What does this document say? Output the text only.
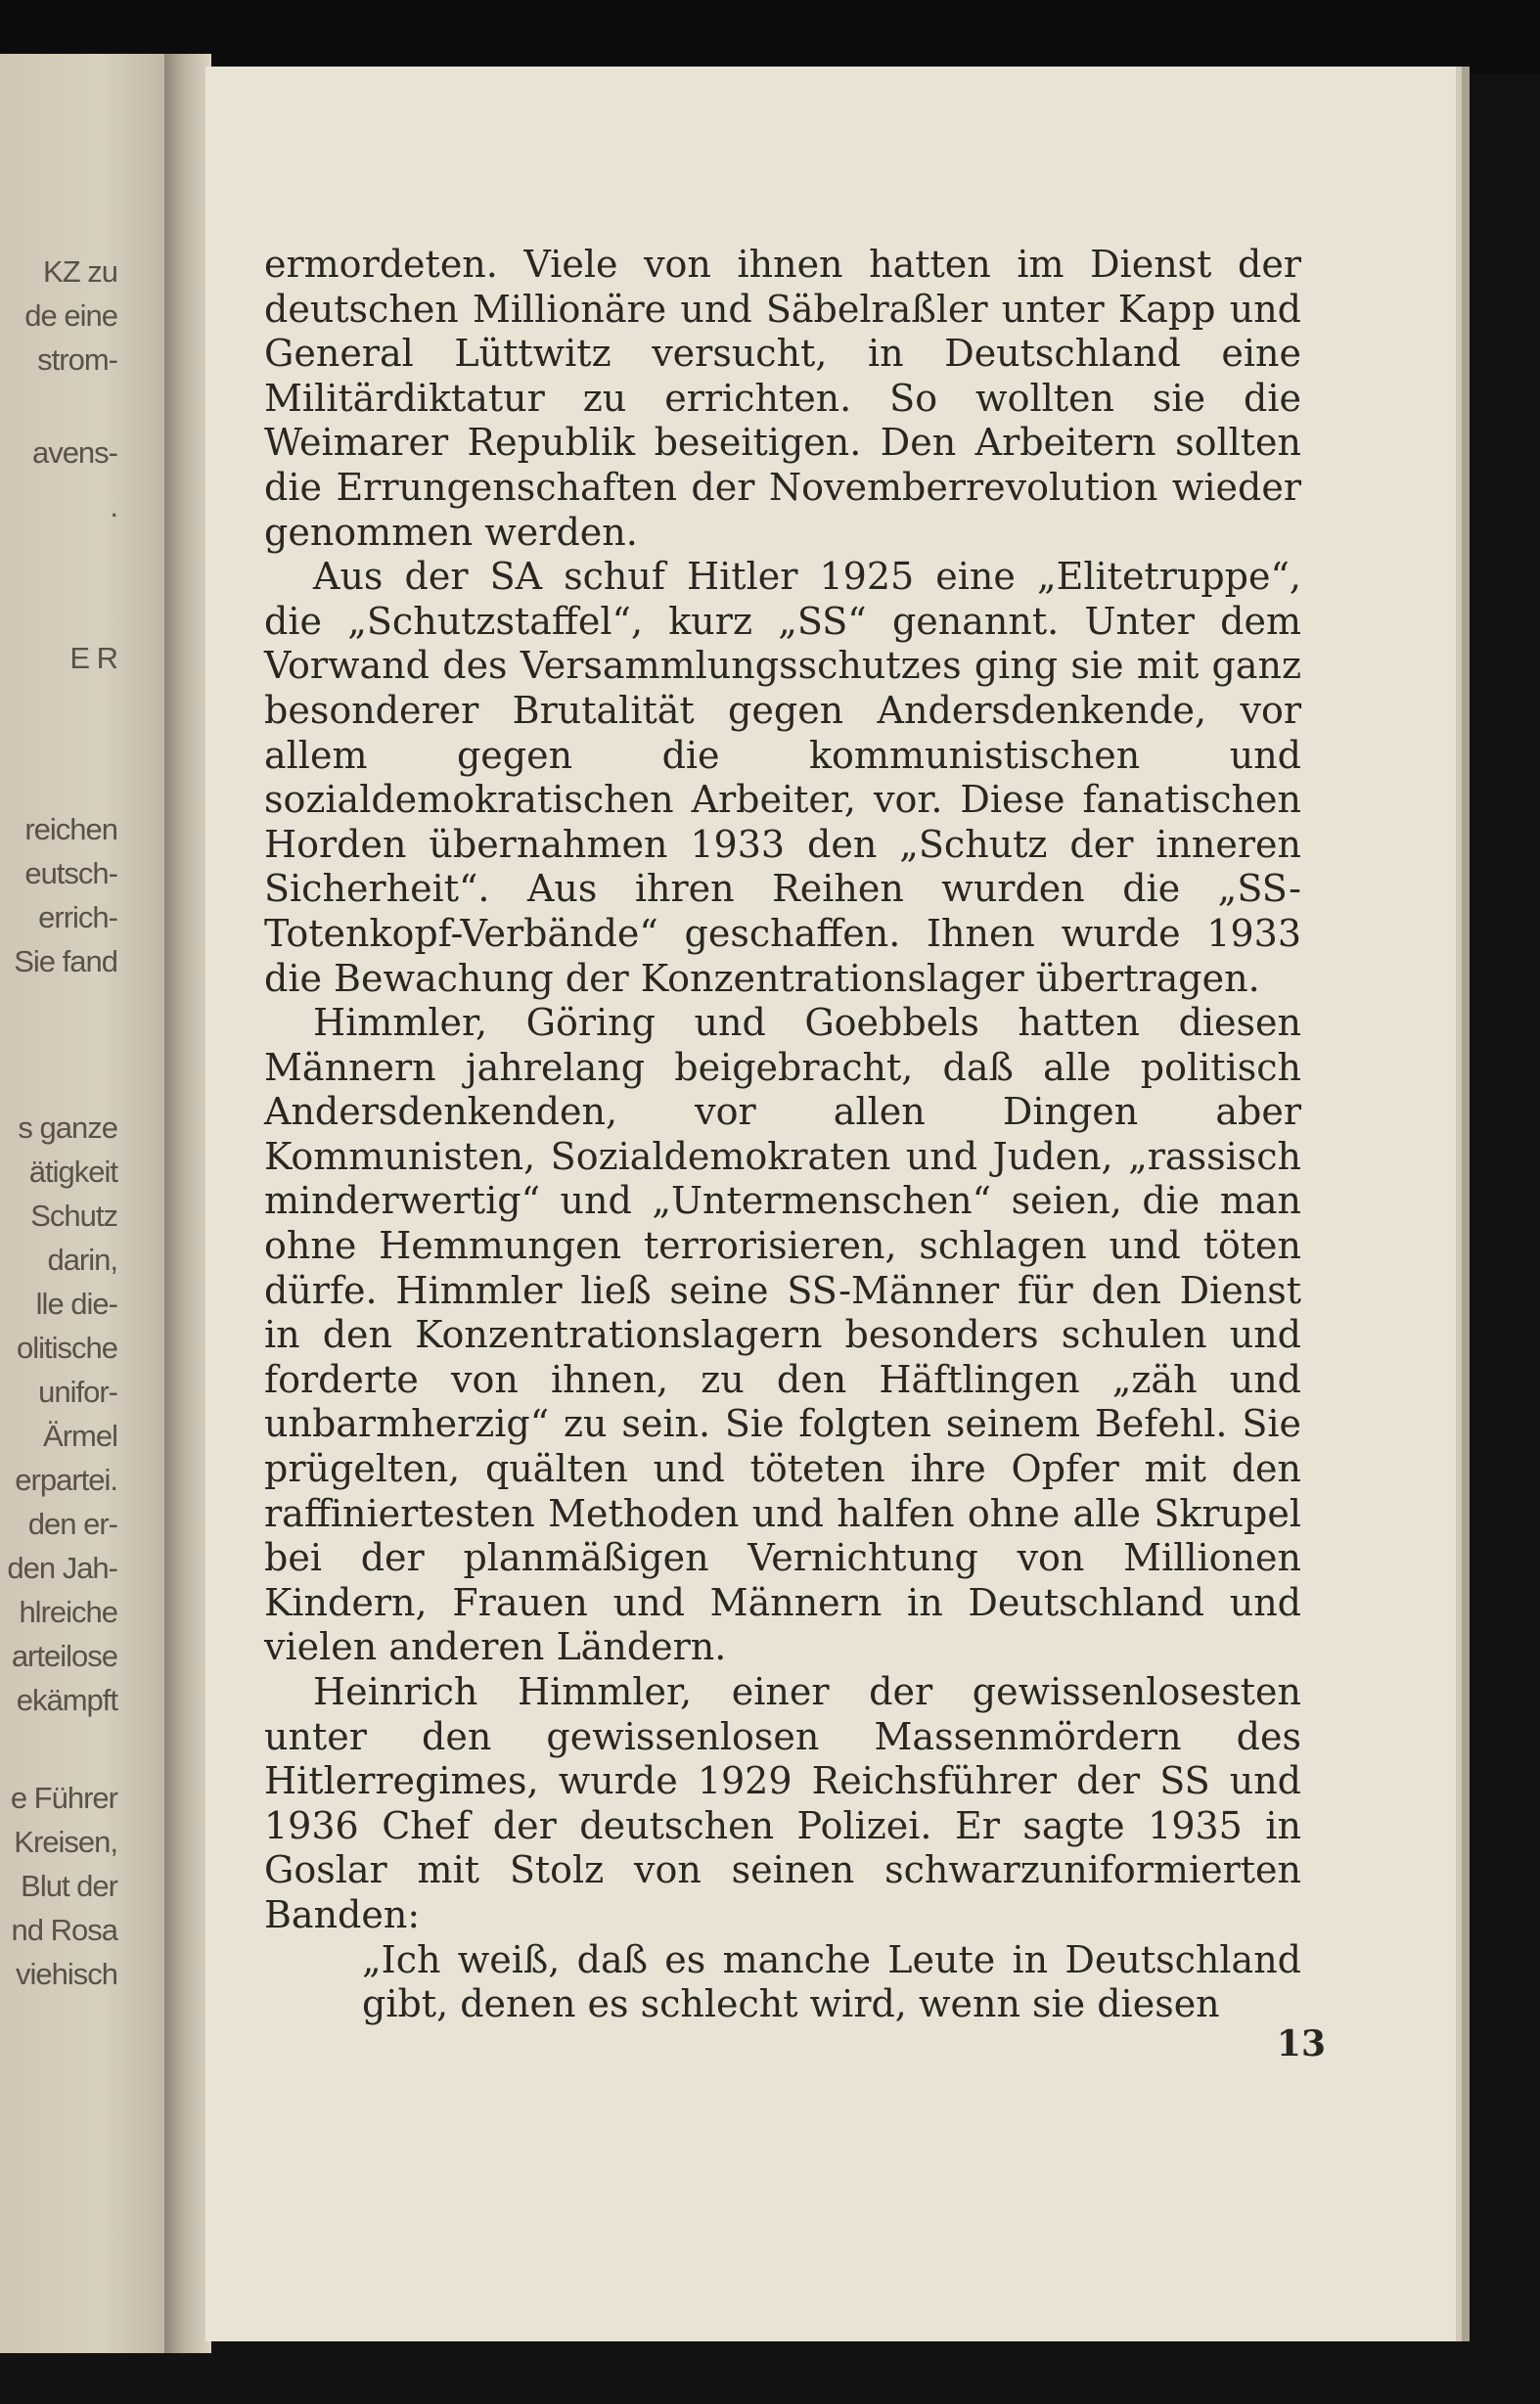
KZ zu
de eine
strom-
avens-
.
E R
reichen
eutsch-
errich-
Sie fand
s ganze
ätigkeit
Schutz
darin,
lle die-
olitische
unifor-
Ärmel
erpartei.
den er-
den Jah-
hlreiche
arteilose
ekämpft
e Führer
Kreisen,
Blut der
nd Rosa
viehisch

ermordeten. Viele von ihnen hatten im Dienst der deutschen Millionäre und Säbelraßler unter Kapp und General Lüttwitz versucht, in Deutschland eine Militärdiktatur zu errichten. So wollten sie die Weimarer Republik beseitigen. Den Arbeitern sollten die Errungenschaften der Novemberrevolution wieder genommen werden.

Aus der SA schuf Hitler 1925 eine „Elitetruppe“, die „Schutzstaffel“, kurz „SS“ genannt. Unter dem Vorwand des Versammlungsschutzes ging sie mit ganz besonderer Brutalität gegen Andersdenkende, vor allem gegen die kommunistischen und sozialdemokratischen Arbeiter, vor. Diese fanatischen Horden übernahmen 1933 den „Schutz der inneren Sicherheit“. Aus ihren Reihen wurden die „SS-Totenkopf-Verbände“ geschaffen. Ihnen wurde 1933 die Bewachung der Konzentrationslager übertragen.

Himmler, Göring und Goebbels hatten diesen Männern jahrelang beigebracht, daß alle politisch Andersdenkenden, vor allen Dingen aber Kommunisten, Sozialdemokraten und Juden, „rassisch minderwertig“ und „Untermenschen“ seien, die man ohne Hemmungen terrorisieren, schlagen und töten dürfe. Himmler ließ seine SS-Männer für den Dienst in den Konzentrationslagern besonders schulen und forderte von ihnen, zu den Häftlingen „zäh und unbarmherzig“ zu sein. Sie folgten seinem Befehl. Sie prügelten, quälten und töteten ihre Opfer mit den raffiniertesten Methoden und halfen ohne alle Skrupel bei der planmäßigen Vernichtung von Millionen Kindern, Frauen und Männern in Deutschland und vielen anderen Ländern.

Heinrich Himmler, einer der gewissenlosesten unter den gewissenlosen Massenmördern des Hitlerregimes, wurde 1929 Reichsführer der SS und 1936 Chef der deutschen Polizei. Er sagte 1935 in Goslar mit Stolz von seinen schwarzuniformierten Banden:

„Ich weiß, daß es manche Leute in Deutschland gibt, denen es schlecht wird, wenn sie diesen

13
